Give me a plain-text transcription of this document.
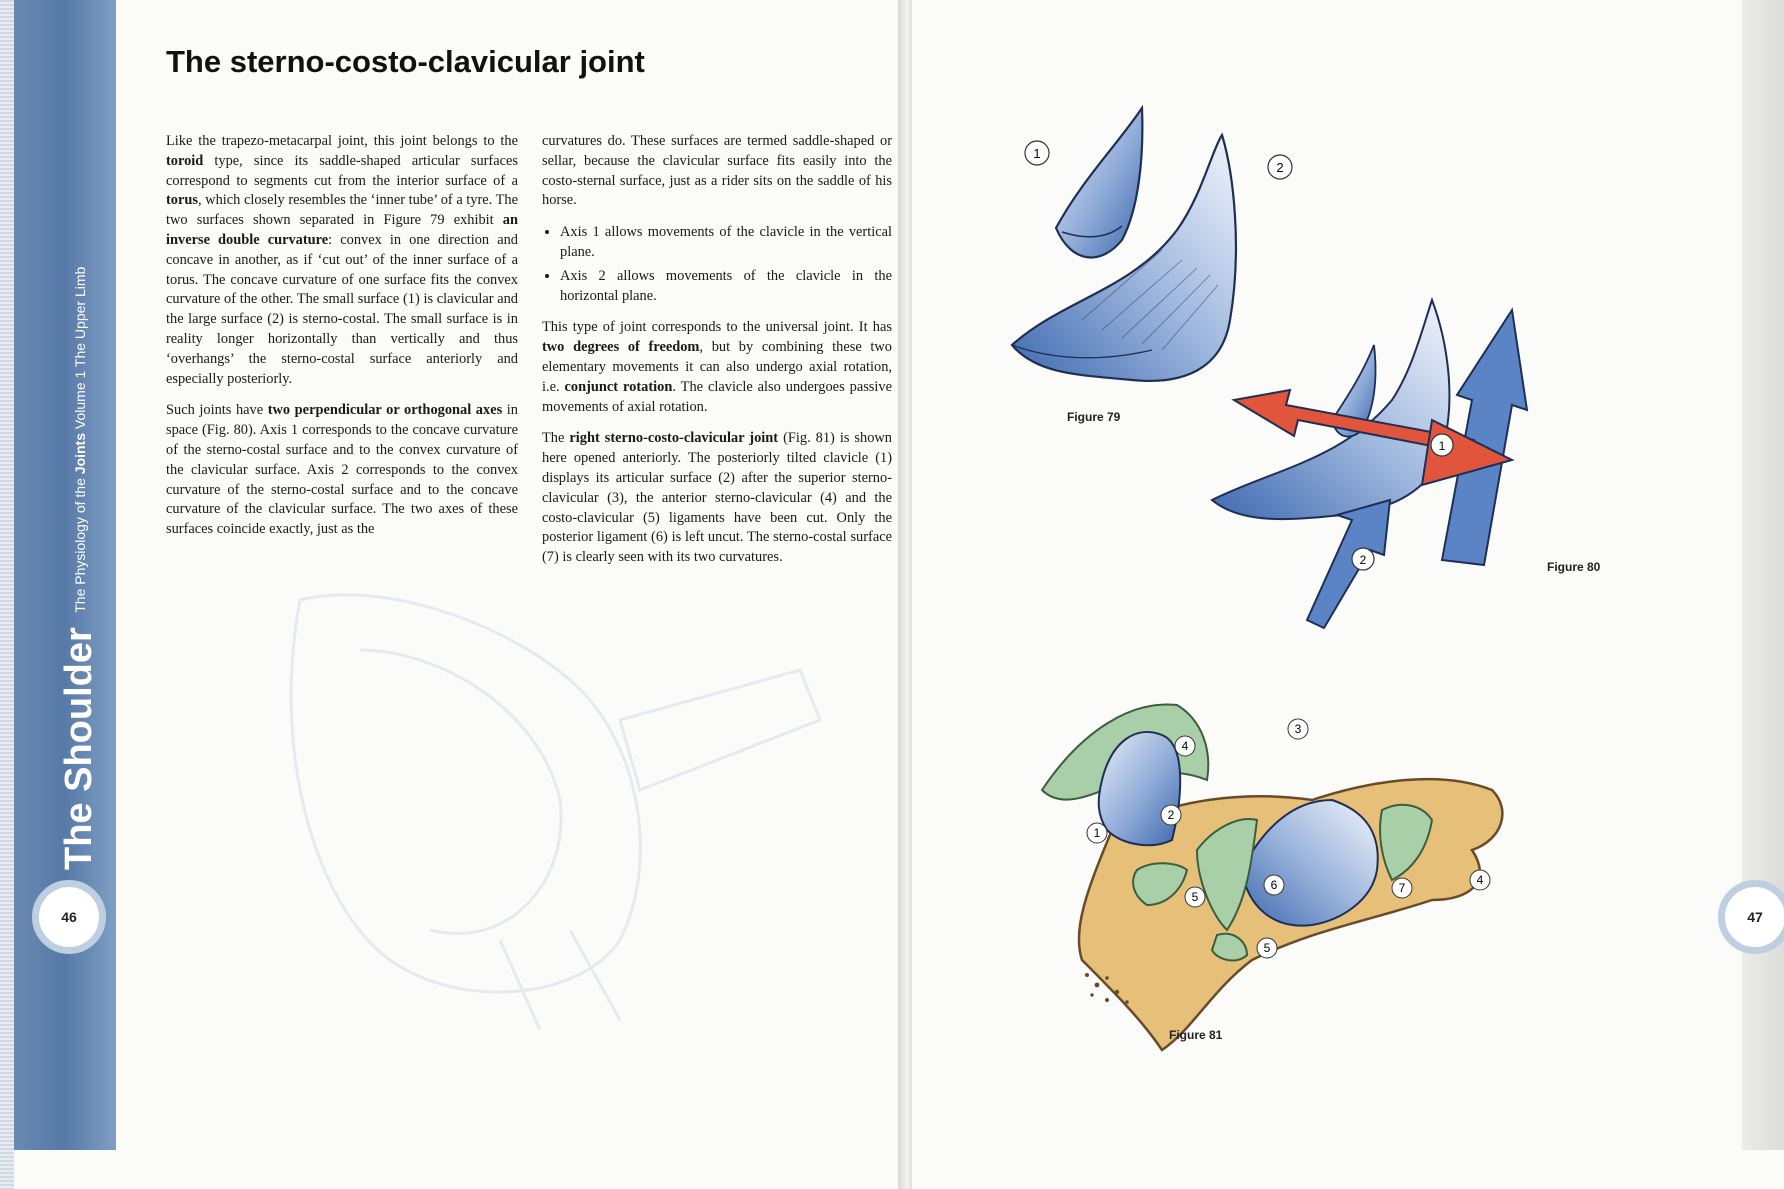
The Shoulder The Physiology of the Joints Volume 1 The Upper Limb
46
The sterno-costo-clavicular joint

Like the trapezo-metacarpal joint, this joint belongs to the toroid type, since its saddle-shaped articular surfaces correspond to segments cut from the interior surface of a torus, which closely resembles the ‘inner tube’ of a tyre. The two surfaces shown separated in Figure 79 exhibit an inverse double curvature: convex in one direction and concave in another, as if ‘cut out’ of the inner surface of a torus. The concave curvature of one surface fits the convex curvature of the other. The small surface (1) is clavicular and the large surface (2) is sterno-costal. The small surface is in reality longer horizontally than vertically and thus ‘overhangs’ the sterno-costal surface anteriorly and especially posteriorly.

Such joints have two perpendicular or orthogonal axes in space (Fig. 80). Axis 1 corresponds to the concave curvature of the sterno-costal surface and to the convex curvature of the clavicular surface. Axis 2 corresponds to the convex curvature of the sterno-costal surface and to the concave curvature of the clavicular surface. The two axes of these surfaces coincide exactly, just as the

curvatures do. These surfaces are termed saddle-shaped or sellar, because the clavicular surface fits easily into the costo-sternal surface, just as a rider sits on the saddle of his horse.

• Axis 1 allows movements of the clavicle in the vertical plane.
• Axis 2 allows movements of the clavicle in the horizontal plane.

This type of joint corresponds to the universal joint. It has two degrees of freedom, but by combining these two elementary movements it can also undergo axial rotation, i.e. conjunct rotation. The clavicle also undergoes passive movements of axial rotation.

The right sterno-costo-clavicular joint (Fig. 81) is shown here opened anteriorly. The posteriorly tilted clavicle (1) displays its articular surface (2) after the superior sterno-clavicular (3), the anterior sterno-clavicular (4) and the costo-clavicular (5) ligaments have been cut. Only the posterior ligament (6) is left uncut. The sterno-costal surface (7) is clearly seen with its two curvatures.

47
1
2
1
2
1
2
3
4
4
5
5
6	7
Figure 79
Figure 80
Figure 81
